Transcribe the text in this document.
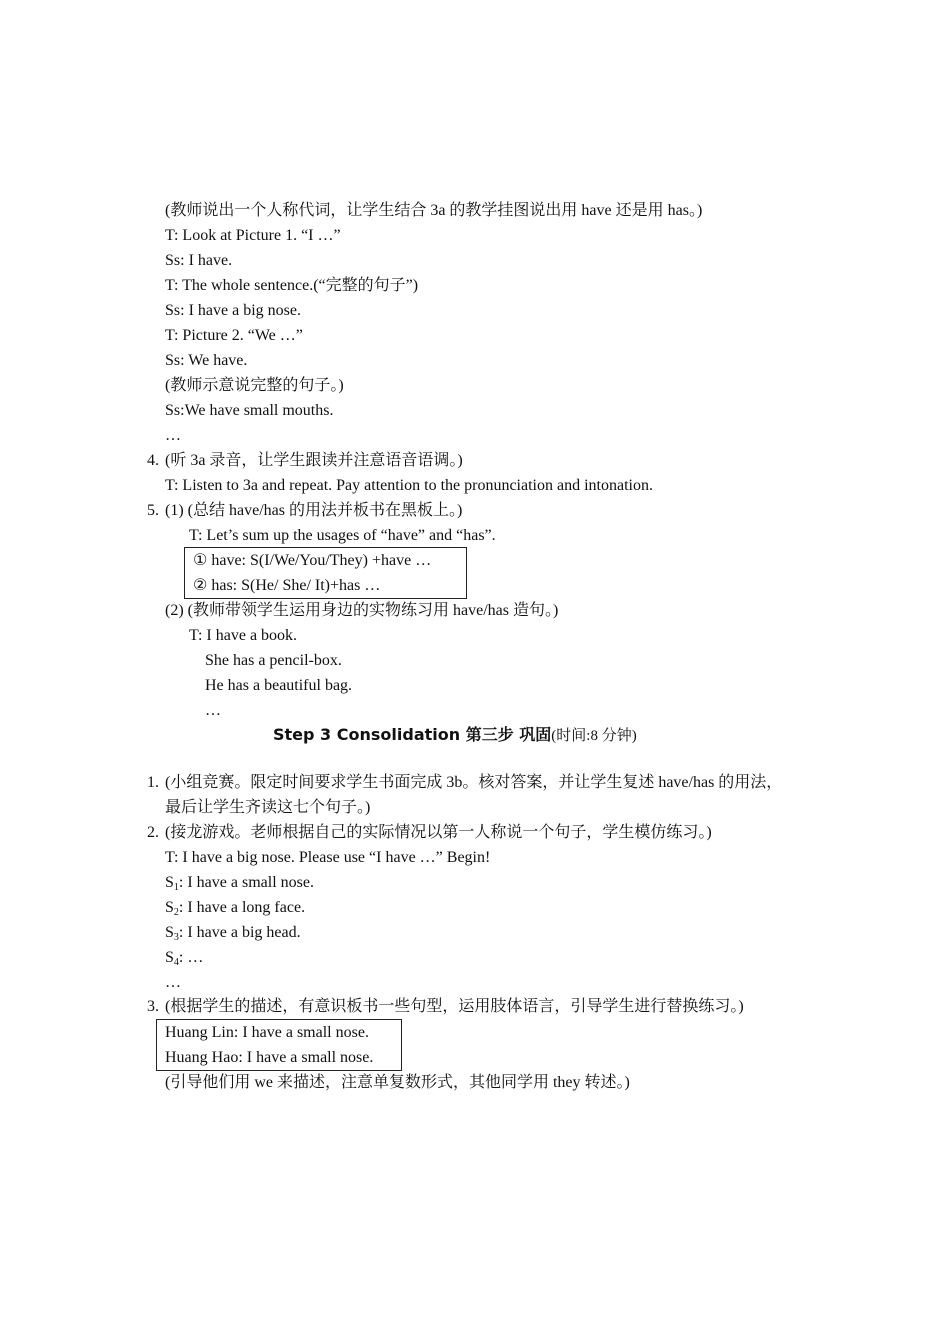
(教师说出一个人称代词，让学生结合 3a 的教学挂图说出用 have 还是用 has。)
T: Look at Picture 1. “I …”
Ss: I have.
T: The whole sentence.(“完整的句子”)
Ss: I have a big nose.
T: Picture 2. “We …”
Ss: We have.
(教师示意说完整的句子。)
Ss:We have small mouths.
…
4. (听 3a 录音，让学生跟读并注意语音语调。)
T: Listen to 3a and repeat. Pay attention to the pronunciation and intonation.
5. (1) (总结 have/has 的用法并板书在黑板上。)
T: Let’s sum up the usages of “have” and “has”.
① have: S(I/We/You/They) +have …
② has: S(He/ She/ It)+has …
(2) (教师带领学生运用身边的实物练习用 have/has 造句。)
T: I have a book.
She has a pencil-box.
He has a beautiful bag.
…
Step 3 Consolidation 第三步 巩固(时间:8 分钟)
1. (小组竞赛。限定时间要求学生书面完成 3b。核对答案，并让学生复述 have/has 的用法，
最后让学生齐读这七个句子。)
2. (接龙游戏。老师根据自己的实际情况以第一人称说一个句子，学生模仿练习。)
T: I have a big nose. Please use “I have …” Begin!
$S_1$: I have a small nose.
$S_2$: I have a long face.
$S_3$: I have a big head.
$S_4$: …
…
3. (根据学生的描述，有意识板书一些句型，运用肢体语言，引导学生进行替换练习。)
Huang Lin: I have a small nose.
Huang Hao: I have a small nose.
(引导他们用 we 来描述，注意单复数形式，其他同学用 they 转述。)
